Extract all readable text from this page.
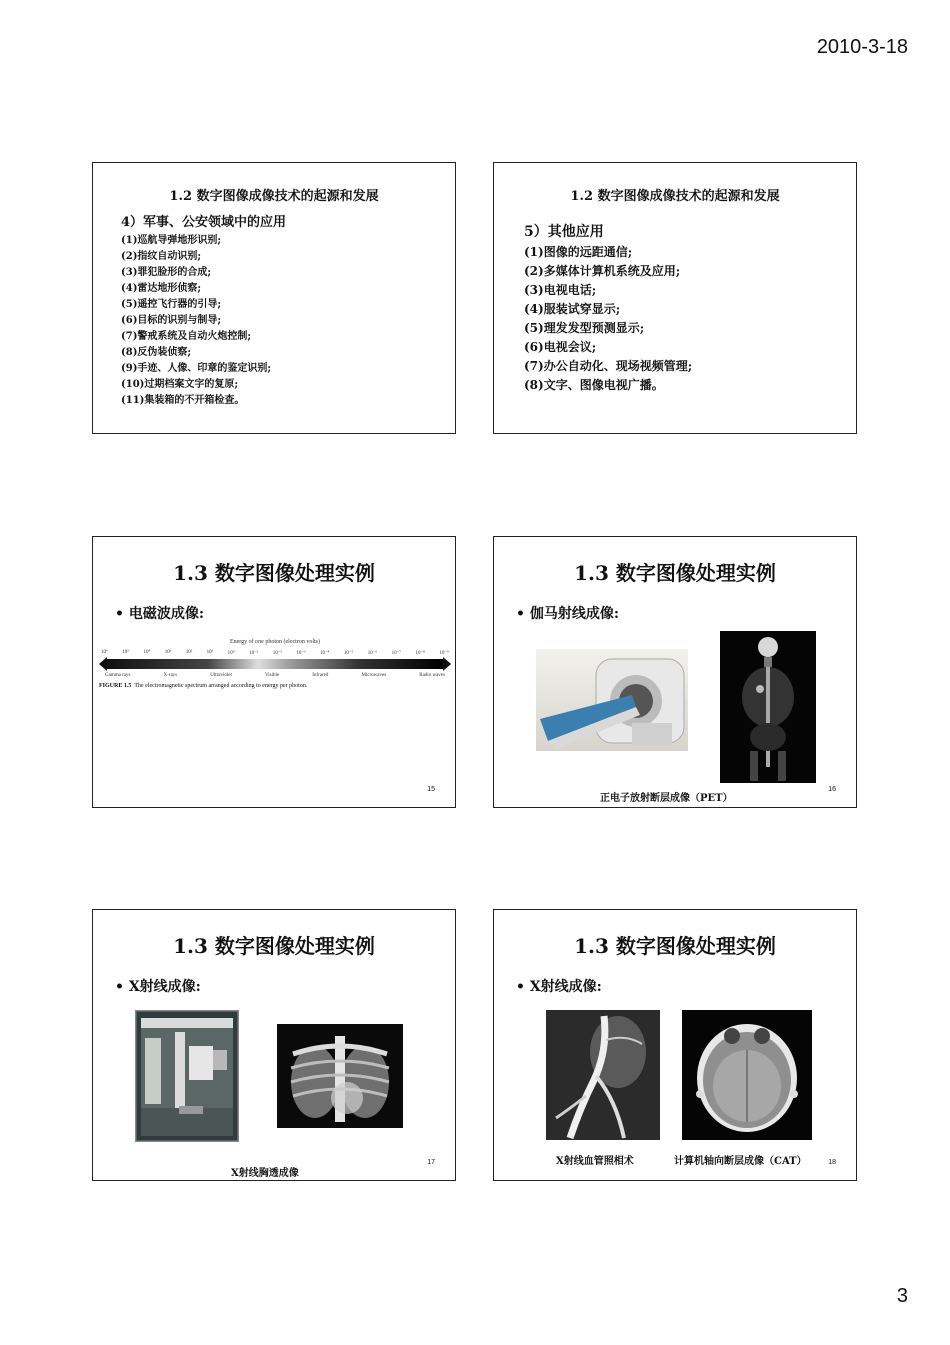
2010-3-18
1.2 数字图像成像技术的起源和发展
4）军事、公安领域中的应用
(1)巡航导弹地形识别;
(2)指纹自动识别;
(3)罪犯脸形的合成;
(4)雷达地形侦察;
(5)遥控飞行器的引导;
(6)目标的识别与制导;
(7)警戒系统及自动火炮控制;
(8)反伪装侦察;
(9)手迹、人像、印章的鉴定识别;
(10)过期档案文字的复原;
(11)集装箱的不开箱检查。
1.2 数字图像成像技术的起源和发展
5）其他应用
(1)图像的远距通信;
(2)多媒体计算机系统及应用;
(3)电视电话;
(4)服装试穿显示;
(5)理发发型预测显示;
(6)电视会议;
(7)办公自动化、现场视频管理;
(8)文字、图像电视广播。
1.3 数字图像处理实例
• 电磁波成像:
Energy of one photon (electron volts)
10⁶	10⁵	10⁴	10³	10²	10¹	10⁰	10⁻¹	10⁻²	10⁻³	10⁻⁴	10⁻⁵	10⁻⁶	10⁻⁷	10⁻⁸	10⁻⁹
Gamma rays	X-rays	Ultraviolet	Visible	Infrared	Microwaves	Radio waves
FIGURE 1.5 The electromagnetic spectrum arranged according to energy per photon.
15
1.3 数字图像处理实例
• 伽马射线成像:
正电子放射断层成像（PET）
16
1.3 数字图像处理实例
• X射线成像:
X射线胸透成像
17
1.3 数字图像处理实例
• X射线成像:
X射线血管照相术	计算机轴向断层成像（CAT）	18
3
